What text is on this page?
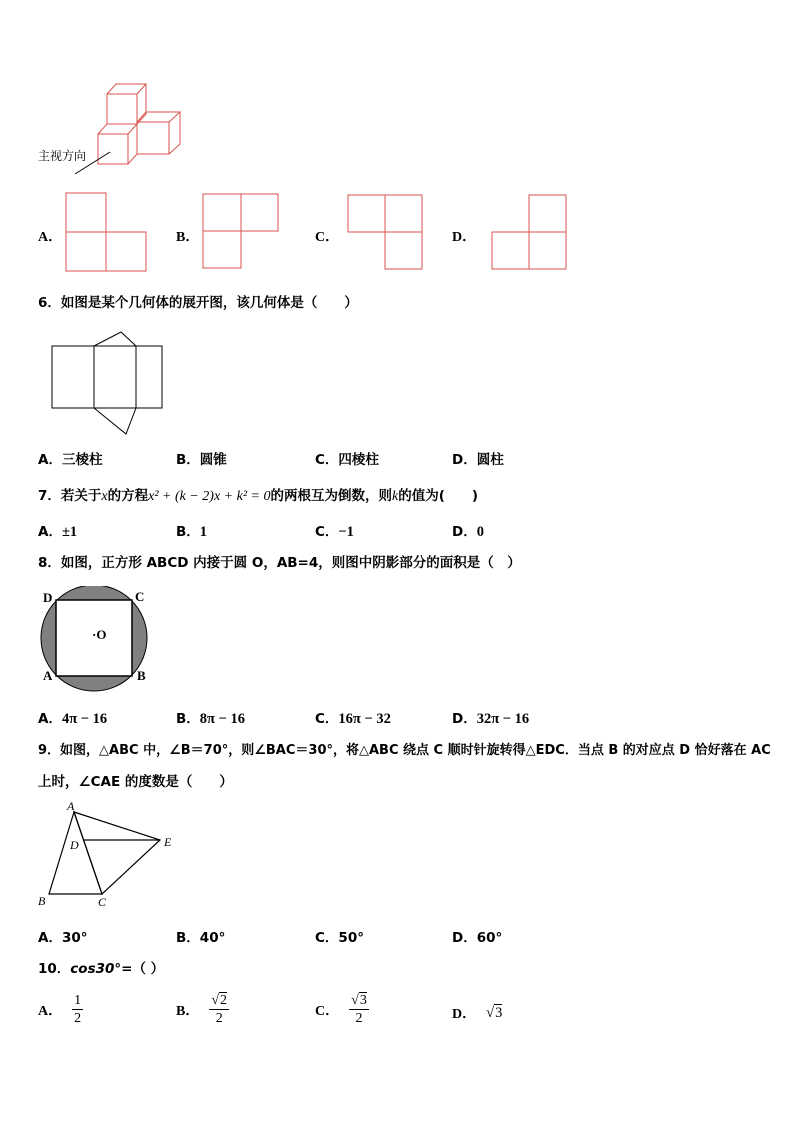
主视方向
A．	B．	C．	D．
6．如图是某个几何体的展开图，该几何体是（　　）
A．三棱柱	B．圆锥	C．四棱柱	D．圆柱
7．若关于x的方程x² + (k − 2)x + k² = 0的两根互为倒数，则k的值为(　　)
A．±1	B．1	C．−1	D．0
8．如图，正方形 ABCD 内接于圆 O，AB=4，则图中阴影部分的面积是（　）
D	C
A	B
·O
A．4π − 16	B．8π − 16	C．16π − 32	D．32π − 16
9．如图，△ABC 中，∠B＝70°，则∠BAC＝30°，将△ABC 绕点 C 顺时针旋转得△EDC．当点 B 的对应点 D 恰好落在 AC
上时，∠CAE 的度数是（　　）
A
D	E
B	C
A．30°	B．40°	C．50°	D．60°
10．cos30°=（ ）
A． $\frac{1}{2}$	B． $\frac{√2}{2}$	C． $\frac{√3}{2}$	D． √3
